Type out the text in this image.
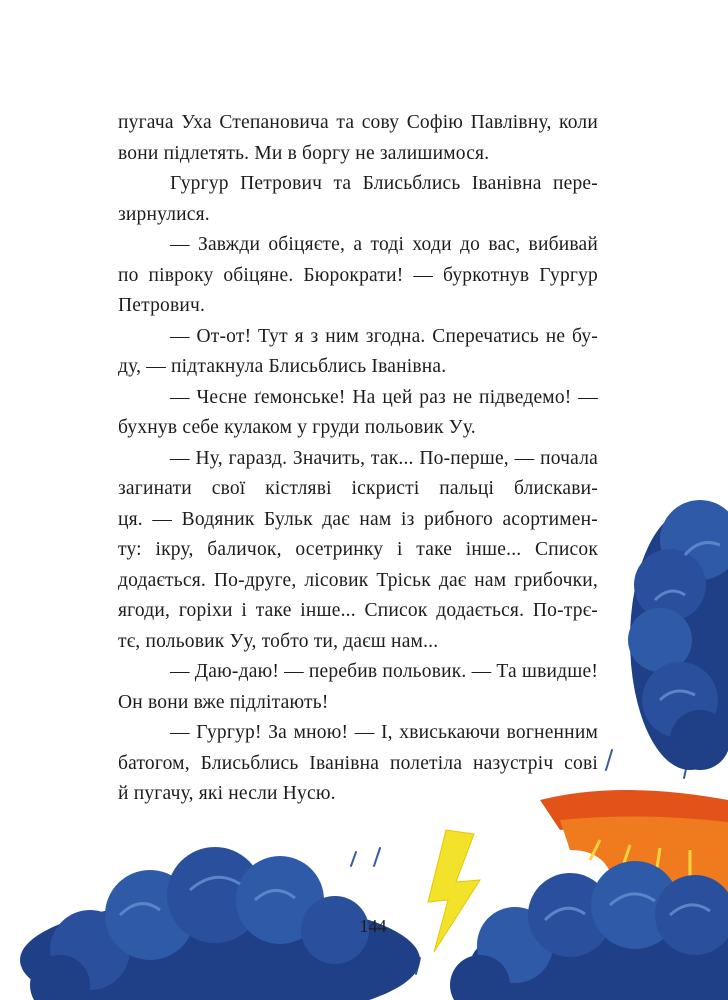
пугача Уха Степановича та сову Софію Павлівну, коли
вони підлетять. Ми в боргу не залишимося.
Гургур Петрович та Блисьблись Іванівна пере-
зирнулися.
— Завжди обіцяєте, а тоді ходи до вас, вибивай
по півроку обіцяне. Бюрократи! — буркотнув Гургур
Петрович.
— От-от! Тут я з ним згодна. Сперечатись не бу-
ду, — підтакнула Блисьблись Іванівна.
— Чесне ґемонське! На цей раз не підведемо! —
бухнув себе кулаком у груди польовик Уу.
— Ну, гаразд. Значить, так... По-перше, — почала
загинати свої кістляві іскристі пальці блискави-
ця. — Водяник Бульк дає нам із рибного асортимен-
ту: ікру, баличок, осетринку і таке інше... Список
додається. По-друге, лісовик Тріськ дає нам грибочки,
ягоди, горіхи і таке інше... Список додається. По-трє-
тє, польовик Уу, тобто ти, даєш нам...
— Даю-даю! — перебив польовик. — Та швидше!
Он вони вже підлітають!
— Гургур! За мною! — І, хвиськаючи вогненним
батогом, Блисьблись Іванівна полетіла назустріч сові
й пугачу, які несли Нусю.
144
